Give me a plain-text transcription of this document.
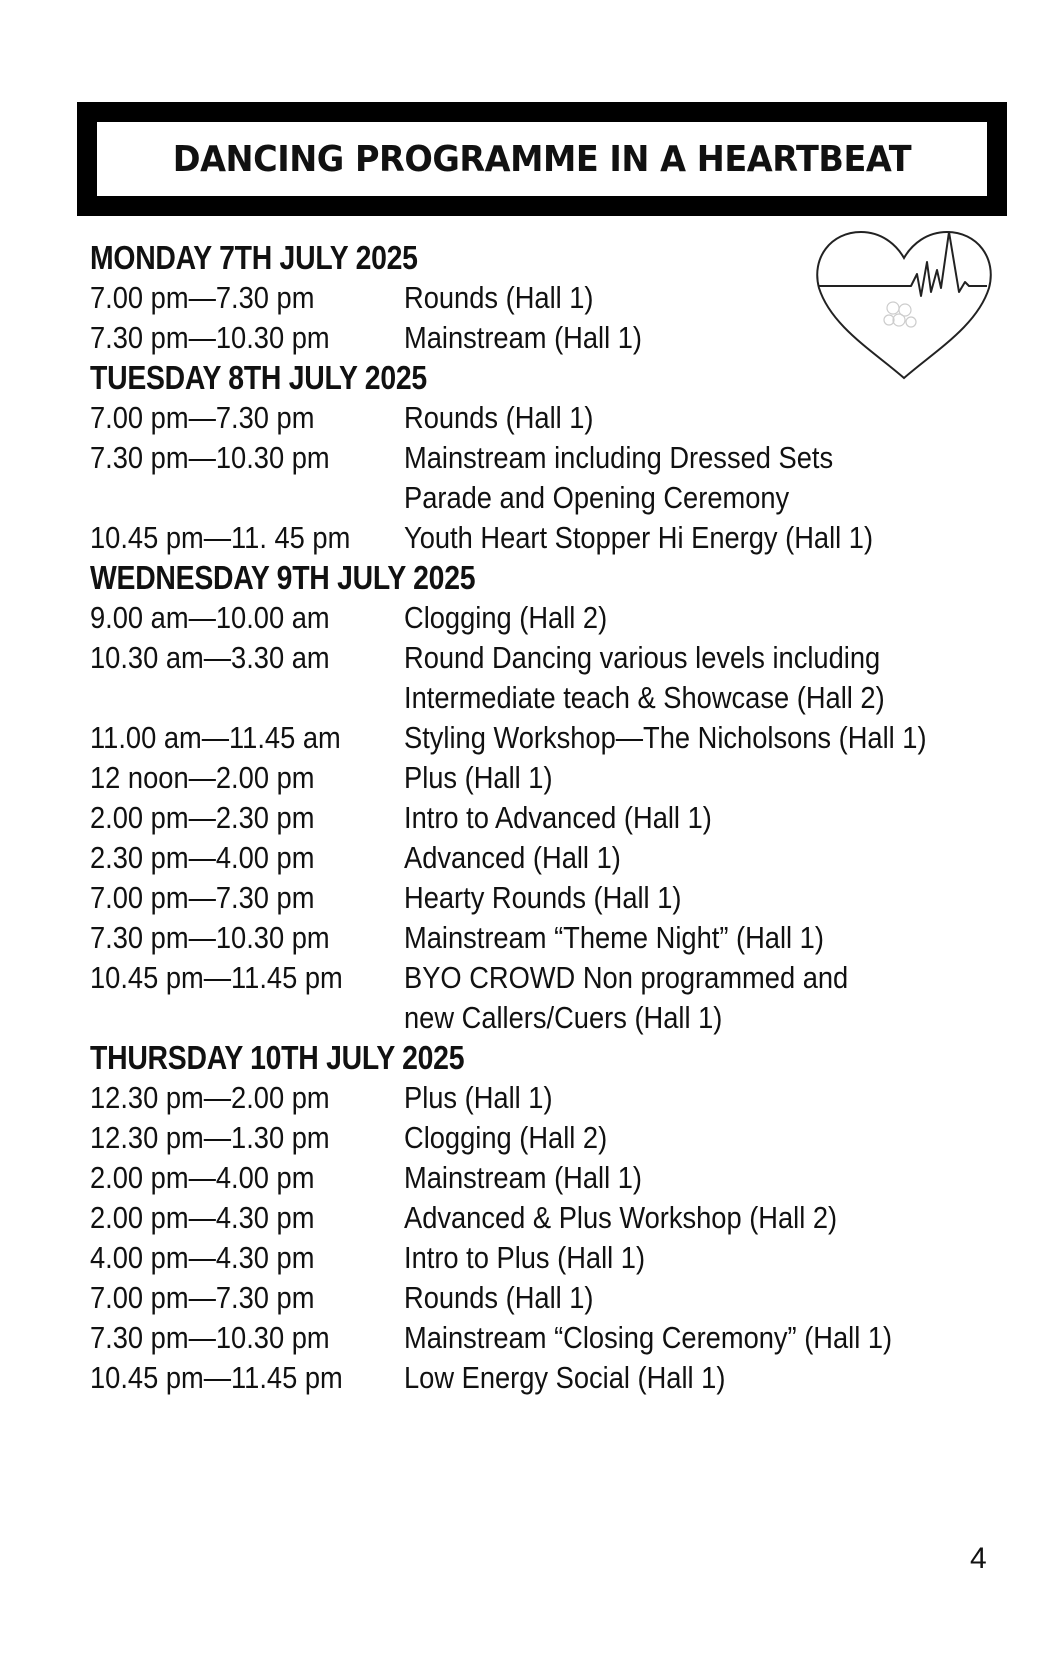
DANCING PROGRAMME IN A HEARTBEAT
MONDAY 7TH JULY 2025
7.00 pm—7.30 pm	Rounds (Hall 1)
7.30 pm—10.30 pm	Mainstream (Hall 1)
TUESDAY 8TH JULY 2025
7.00 pm—7.30 pm	Rounds (Hall 1)
7.30 pm—10.30 pm	Mainstream including Dressed Sets
Parade and Opening Ceremony
10.45 pm—11. 45 pm	Youth Heart Stopper Hi Energy (Hall 1)
WEDNESDAY 9TH JULY 2025
9.00 am—10.00 am	Clogging (Hall 2)
10.30 am—3.30 am	Round Dancing various levels including
Intermediate teach & Showcase (Hall 2)
11.00 am—11.45 am	Styling Workshop—The Nicholsons (Hall 1)
12 noon—2.00 pm	Plus (Hall 1)
2.00 pm—2.30 pm	Intro to Advanced (Hall 1)
2.30 pm—4.00 pm	Advanced (Hall 1)
7.00 pm—7.30 pm	Hearty Rounds (Hall 1)
7.30 pm—10.30 pm	Mainstream “Theme Night” (Hall 1)
10.45 pm—11.45 pm	BYO CROWD Non programmed and
new Callers/Cuers (Hall 1)
THURSDAY 10TH JULY 2025
12.30 pm—2.00 pm	Plus (Hall 1)
12.30 pm—1.30 pm	Clogging (Hall 2)
2.00 pm—4.00 pm	Mainstream (Hall 1)
2.00 pm—4.30 pm	Advanced & Plus Workshop (Hall 2)
4.00 pm—4.30 pm	Intro to Plus (Hall 1)
7.00 pm—7.30 pm	Rounds (Hall 1)
7.30 pm—10.30 pm	Mainstream “Closing Ceremony” (Hall 1)
10.45 pm—11.45 pm	Low Energy Social (Hall 1)
4
